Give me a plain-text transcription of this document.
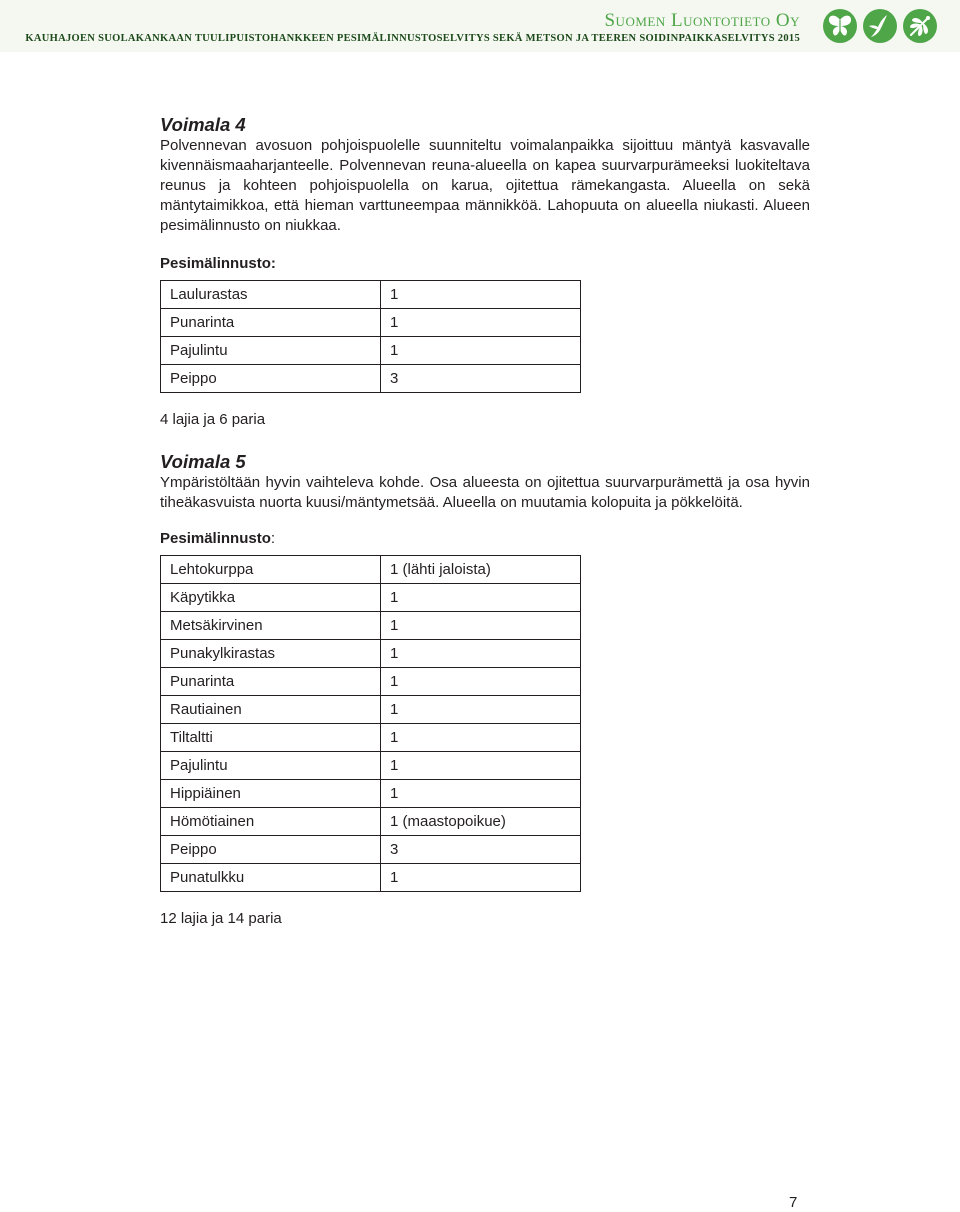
Suomen Luontotieto Oy
KAUHAJOEN SUOLAKANKAAN TUULIPUISTOHANKKEEN PESIMÄLINNUSTOSELVITYS SEKÄ METSON JA TEEREN SOIDINPAIKKASELVITYS 2015
Voimala 4

Polvennevan avosuon pohjoispuolelle suunniteltu voimalanpaikka sijoittuu mäntyä kasvavalle kivennäismaaharjanteelle. Polvennevan reuna-alueella on kapea suurvarpurämeeksi luokiteltava reunus ja kohteen pohjoispuolella on karua, ojitettua rämekangasta. Alueella on sekä mäntytaimikkoa, että hieman varttuneempaa männikköä. Lahopuuta on alueella niukasti. Alueen pesimälinnusto on niukkaa.

Pesimälinnusto:

Laulurastas	1
Punarinta	1
Pajulintu	1
Peippo	3

4 lajia ja 6 paria

Voimala 5

Ympäristöltään hyvin vaihteleva kohde. Osa alueesta on ojitettua suurvarpurämettä ja osa hyvin tiheäkasvuista nuorta kuusi/mäntymetsää. Alueella on muutamia kolopuita ja pökkelöitä.

Pesimälinnusto:

Lehtokurppa	1 (lähti jaloista)
Käpytikka	1
Metsäkirvinen	1
Punakylkirastas	1
Punarinta	1
Rautiainen	1
Tiltaltti	1
Pajulintu	1
Hippiäinen	1
Hömötiainen	1 (maastopoikue)
Peippo	3
Punatulkku	1

12 lajia ja 14 paria

7
